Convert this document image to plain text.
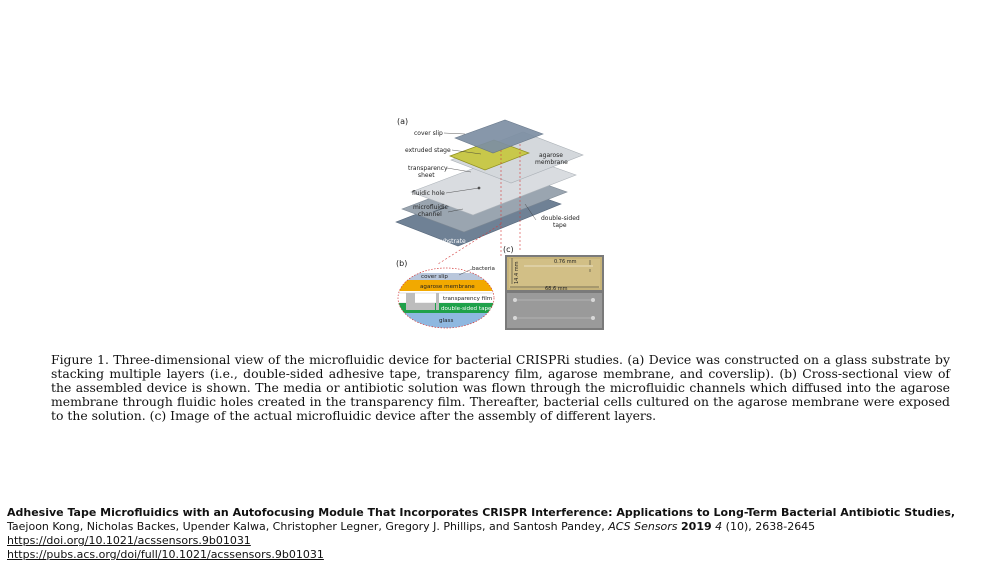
(a)
cover slip
extruded stage
agarose
membrane
transparency
sheet
fluidic hole
microfluidic
channel
double-sided
tape
glass substrate
(b)
bacteria
cover slip
agarose membrane
transparency film
double-sided tape
glass
(c)
0.76 mm
68.6 mm
14.4 mm

Figure 1. Three-dimensional view of the microfluidic device for bacterial CRISPRi studies. (a) Device was constructed on a glass substrate by stacking multiple layers (i.e., double-sided adhesive tape, transparency film, agarose membrane, and coverslip). (b) Cross-sectional view of the assembled device is shown. The media or antibiotic solution was flown through the microfluidic channels which diffused into the agarose membrane through fluidic holes created in the transparency film. Thereafter, bacterial cells cultured on the agarose membrane were exposed to the solution. (c) Image of the actual microfluidic device after the assembly of different layers.

Adhesive Tape Microfluidics with an Autofocusing Module That Incorporates CRISPR Interference: Applications to Long-Term Bacterial Antibiotic Studies, Taejoon Kong, Nicholas Backes, Upender Kalwa, Christopher Legner, Gregory J. Phillips, and Santosh Pandey, ACS Sensors 2019 4 (10), 2638-2645
https://doi.org/10.1021/acssensors.9b01031
https://pubs.acs.org/doi/full/10.1021/acssensors.9b01031
